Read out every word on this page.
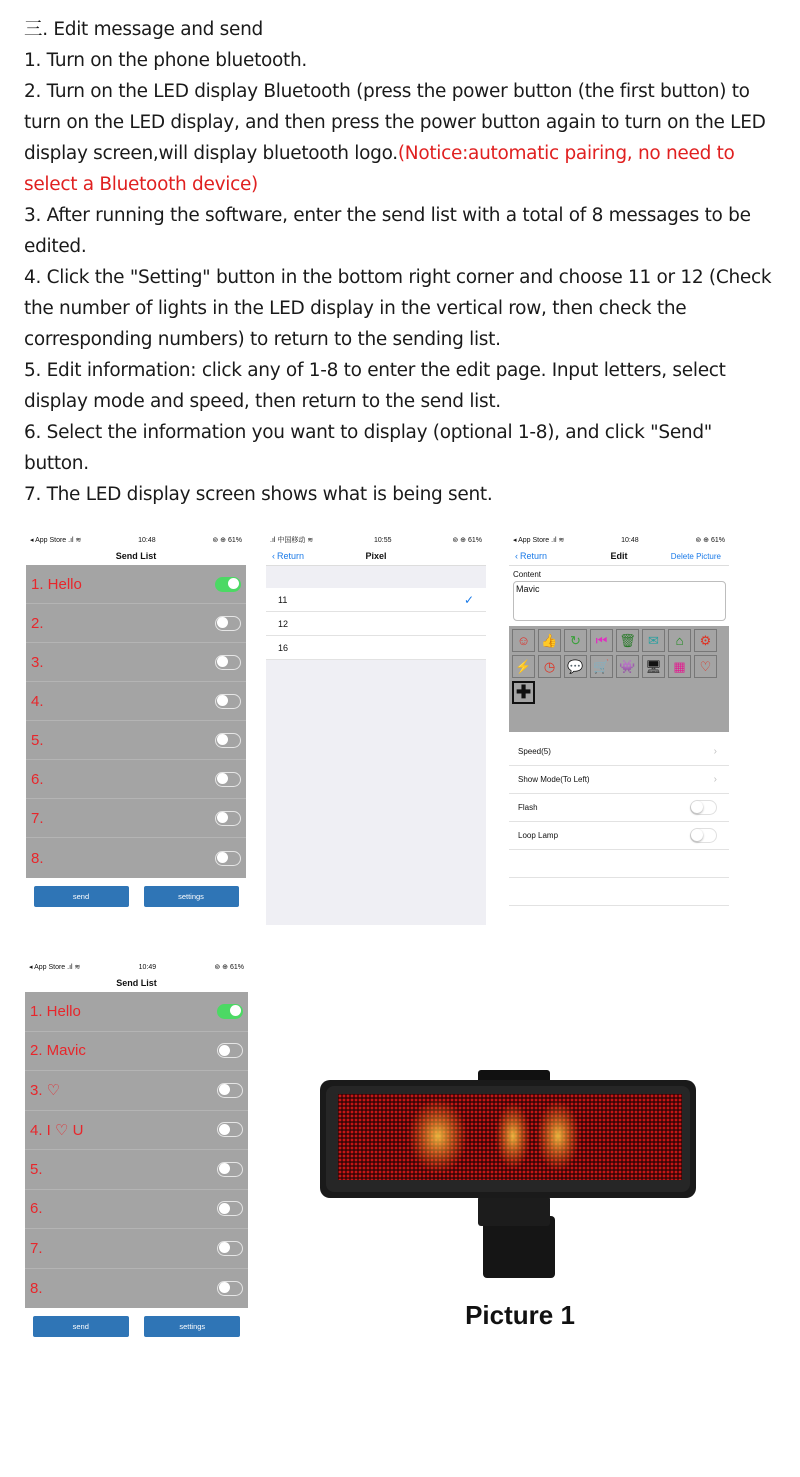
三. Edit message and send

1. Turn on the phone bluetooth.

2. Turn on the LED display Bluetooth (press the power button (the first button) to turn on the LED display, and then press the power button again to turn on the LED display screen,will display bluetooth logo.(Notice:automatic pairing, no need to select a Bluetooth device)

3. After running the software, enter the send list with a total of 8 messages to be edited.

4. Click the "Setting" button in the bottom right corner and choose 11 or 12 (Check the number of lights in the LED display in the vertical row, then check the corresponding numbers) to return to the sending list.

5. Edit information: click any of 1-8 to enter the edit page. Input letters, select display mode and speed, then return to the send list.

6. Select the information you want to display (optional 1-8), and click "Send" button.

7. The LED display screen shows what is being sent.

◂ App Store .ıl ≋	10:48	⊚ ⊕ 61%
Send List
1. Hello
2.
3.
4.
5.
6.
7.
8.
send	settings
.ıl 中国移动 ≋	10:55	⊚ ⊕ 61%
‹ Return	Pixel
11	✓
12
16
◂ App Store .ıl ≋	10:48	⊚ ⊕ 61%
‹ Return	Edit	Delete Picture
Content
Mavic
☺ 👍 ↻	⏮ 🗑 ✉	⌂	⚙
⚡ ◷ 💬 🛒 👾 🖥 ▦	♡
✚
Speed(5)	›
Show Mode(To Left)	›
Flash
Loop Lamp
◂ App Store .ıl ≋	10:49	⊚ ⊕ 61%
Send List
1. Hello
2. Mavic
3. ♡
4. I ♡ U
5.
6.
7.
8.
send	settings	Picture 1
